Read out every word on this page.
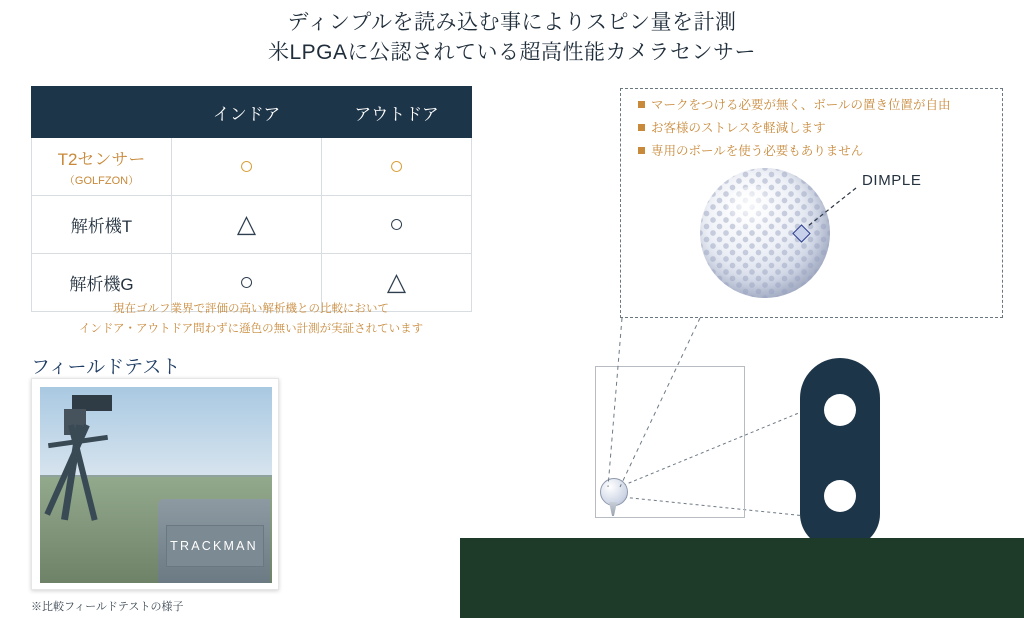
ディンプルを読み込む事によりスピン量を計測
米LPGAに公認されている超高性能カメラセンサー
	インドア	アウトドア
T2センサー
（GOLFZON）	○	○
解析機T	△	○
解析機G	○	△
現在ゴルフ業界で評価の高い解析機との比較において
インドア・アウトドア問わずに遜色の無い計測が実証されています
フィールドテスト
TRACKMAN
※比較フィールドテストの様子
マークをつける必要が無く、ボールの置き位置が自由
お客様のストレスを軽減します
専用のボールを使う必要もありません
DIMPLE
